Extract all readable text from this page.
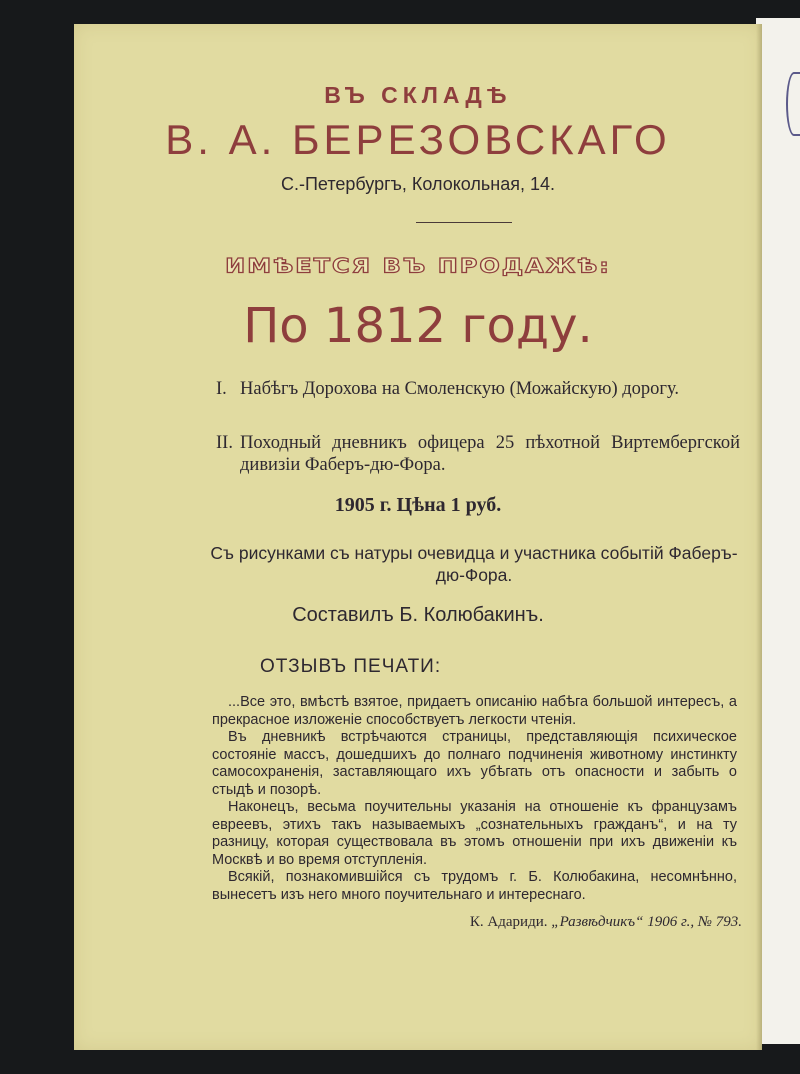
ВЪ СКЛАДѢ
В. А. БЕРЕЗОВСКАГО
С.-Петербургъ, Колокольная, 14.
ИМѢЕТСЯ ВЪ ПРОДАЖѢ:
По 1812 году.
I. Набѣгъ Дорохова на Смоленскую (Можайскую) дорогу.
II. Походный дневникъ офицера 25 пѣхотной Виртембергской дивизіи Фаберъ-дю-Фора.
1905 г. Цѣна 1 руб.
Съ рисунками съ натуры очевидца и участника событій Фаберъ-дю-Фора.
Составилъ Б. Колюбакинъ.
ОТЗЫВЪ ПЕЧАТИ:

...Все это, вмѣстѣ взятое, придаетъ описанію набѣга большой интересъ, а прекрасное изложеніе способствуетъ легкости чтенія.

Въ дневникѣ встрѣчаются страницы, представляющія психическое состояніе массъ, дошедшихъ до полнаго подчиненія животному инстинкту самосохраненія, заставляющаго ихъ убѣгать отъ опасности и забыть о стыдѣ и позорѣ.

Наконецъ, весьма поучительны указанія на отношеніе къ французамъ евреевъ, этихъ такъ называемыхъ „сознательныхъ гражданъ“, и на ту разницу, которая существовала въ этомъ отношеніи при ихъ движеніи къ Москвѣ и во время отступленія.

Всякій, познакомившійся съ трудомъ г. Б. Колюбакина, несомнѣнно, вынесетъ изъ него много поучительнаго и интереснаго.

К. Адариди. „Развѣдчикъ“ 1906 г., № 793.
